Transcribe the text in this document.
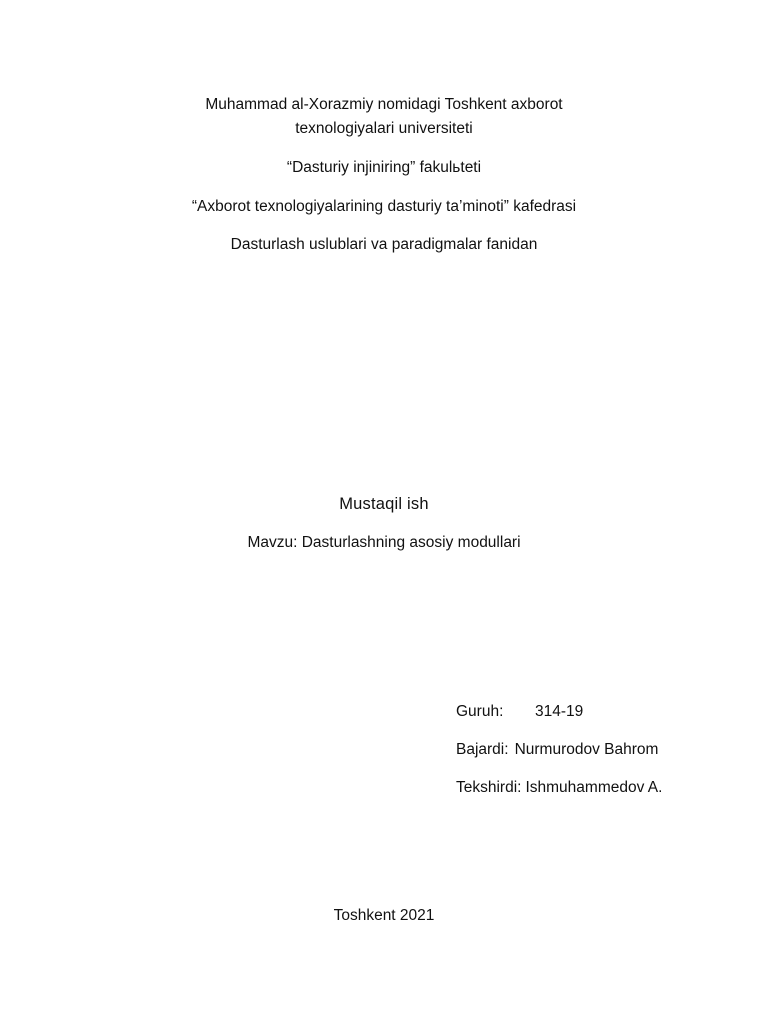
Muhammad al-Xorazmiy nomidagi Toshkent axborot
texnologiyalari universiteti
“Dasturiy injiniring” fakulьteti
“Axborot texnologiyalarining dasturiy ta’minoti” kafedrasi
Dasturlash uslublari va paradigmalar fanidan
Mustaqil ish
Mavzu: Dasturlashning asosiy modullari
Guruh: 314-19
Bajardi: Nurmurodov Bahrom
Tekshirdi: Ishmuhammedov A.
Toshkent 2021
